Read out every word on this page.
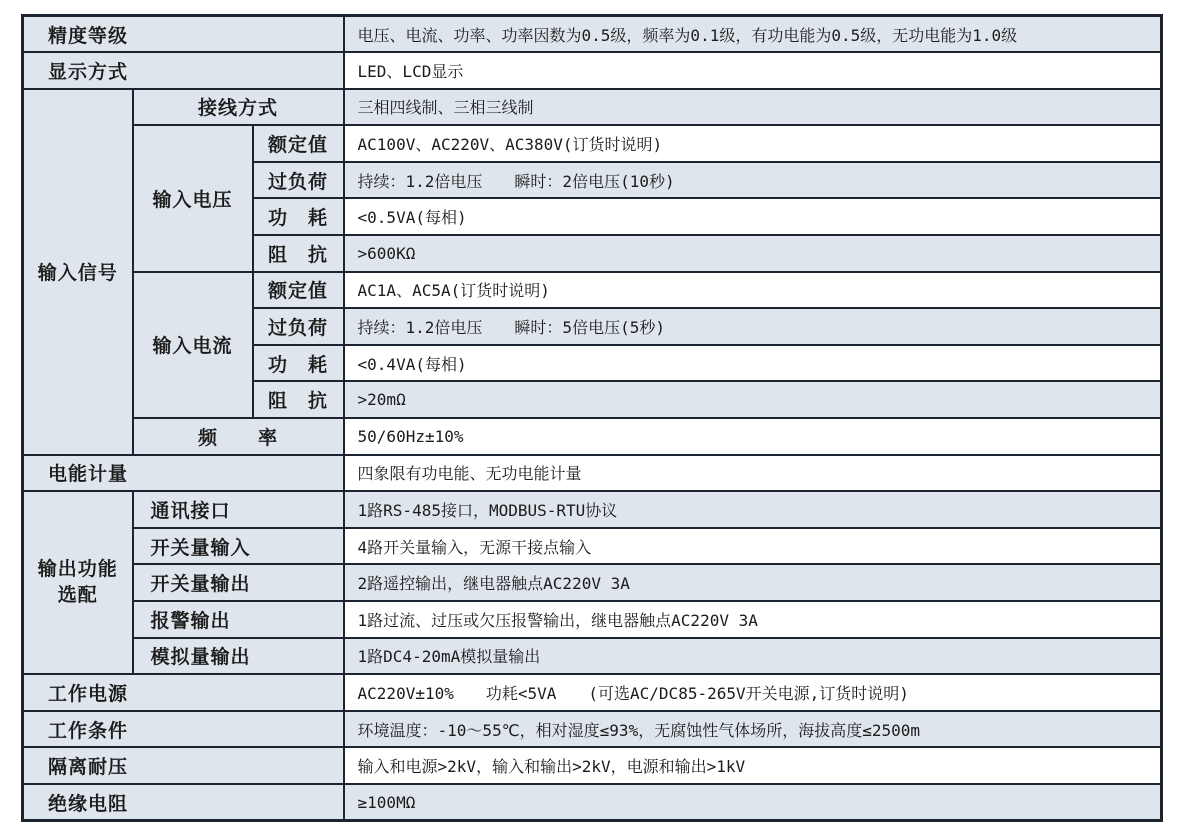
精度等级			电压、电流、功率、功率因数为0.5级，频率为0.1级，有功电能为0.5级，无功电能为1.0级
显示方式			LED、LCD显示
输入信号	接线方式		三相四线制、三相三线制
	输入电压	额定值	AC100V、AC220V、AC380V(订货时说明)
		过负荷	持续：1.2倍电压　　瞬时：2倍电压(10秒)
		功　耗	<0.5VA(每相)
		阻　抗	>600KΩ
	输入电流	额定值	AC1A、AC5A(订货时说明)
		过负荷	持续：1.2倍电压　　瞬时：5倍电压(5秒)
		功　耗	<0.4VA(每相)
		阻　抗	>20mΩ
	频　　率		50/60Hz±10%
电能计量			四象限有功电能、无功电能计量
输出功能选配	通讯接口		1路RS-485接口，MODBUS-RTU协议
	开关量输入		4路开关量输入，无源干接点输入
	开关量输出		2路遥控输出，继电器触点AC220V 3A
	报警输出		1路过流、过压或欠压报警输出，继电器触点AC220V 3A
	模拟量输出		1路DC4-20mA模拟量输出
工作电源			AC220V±10%　　功耗<5VA　　(可选AC/DC85-265V开关电源,订货时说明)
工作条件			环境温度：-10～55℃，相对湿度≤93%，无腐蚀性气体场所，海拔高度≤2500m
隔离耐压			输入和电源>2kV，输入和输出>2kV，电源和输出>1kV
绝缘电阻			≥100MΩ
